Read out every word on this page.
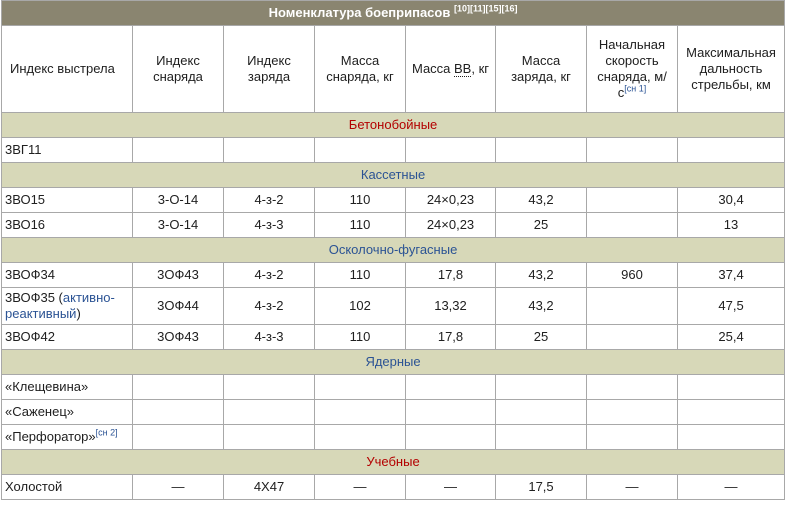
Номенклатура боеприпасов [10][11][15][16]
Индекс выстрела	Индекс снаряда	Индекс заряда	Масса снаряда, кг	Масса ВВ, кг	Масса заряда, кг	Начальная скорость снаряда, м/с[сн 1]	Максимальная дальность стрельбы, км
Бетонобойные							
3ВГ11							
Кассетные							
3ВО15	3-О-14	4-з-2	110	24×0,23	43,2		30,4
3ВО16	3-О-14	4-з-3	110	24×0,23	25		13
Осколочно-фугасные							
3ВОФ34	3ОФ43	4-з-2	110	17,8	43,2	960	37,4
3ВОФ35 (активно-реактивный)	3ОФ44	4-з-2	102	13,32	43,2		47,5
3ВОФ42	3ОФ43	4-з-3	110	17,8	25		25,4
Ядерные							
«Клещевина»							
«Саженец»							
«Перфоратор»[сн 2]							
Учебные							
Холостой	—	4Х47	—	—	17,5	—	—
